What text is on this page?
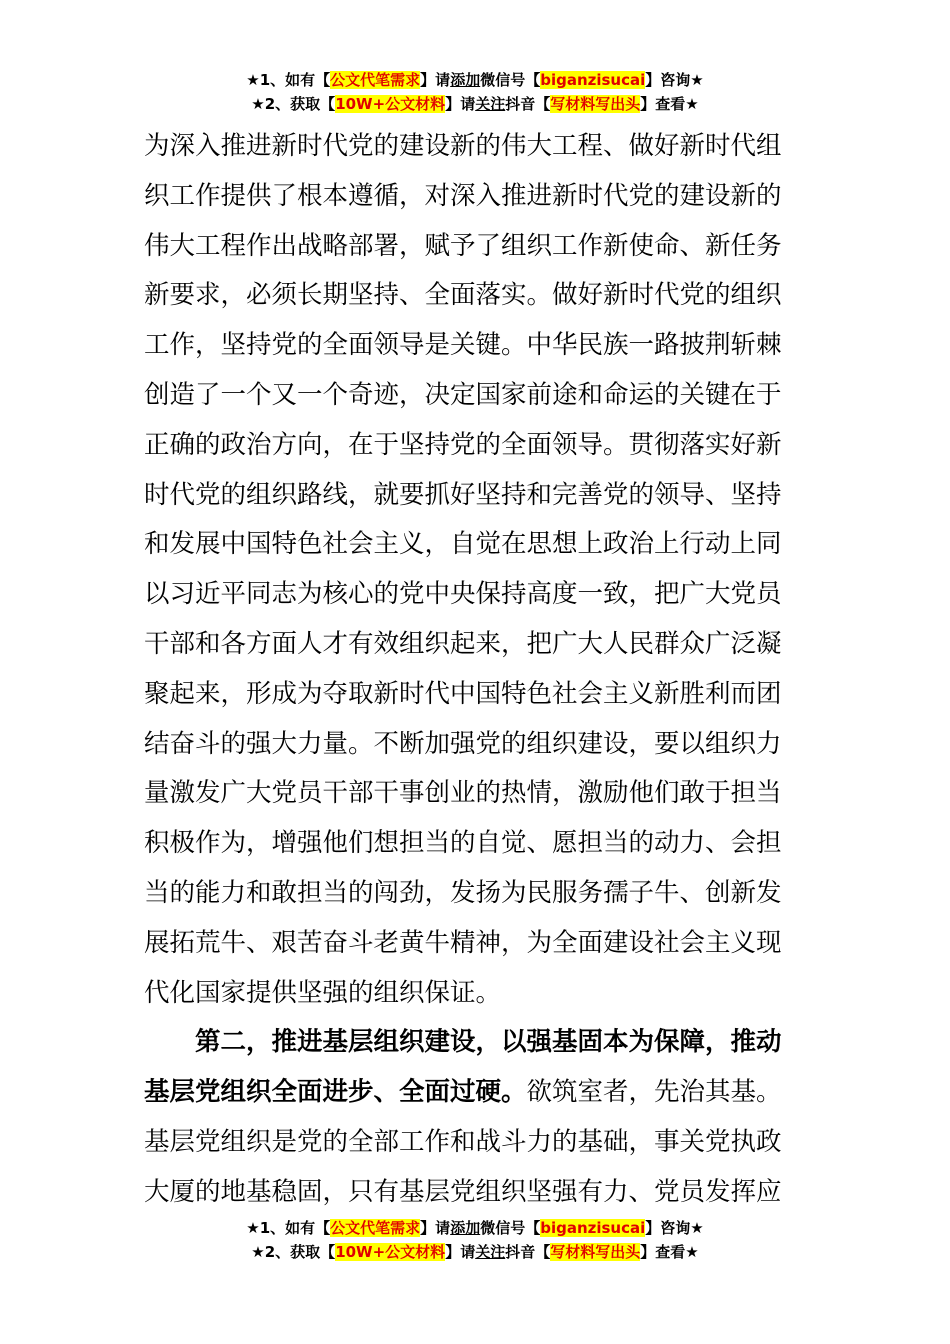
★1、如有【公文代笔需求】请添加微信号【biganzisucai】咨询★
★2、获取【10W+公文材料】请关注抖音【写材料写出头】查看★
为深入推进新时代党的建设新的伟大工程、做好新时代组
织工作提供了根本遵循，对深入推进新时代党的建设新的
伟大工程作出战略部署，赋予了组织工作新使命、新任务
新要求，必须长期坚持、全面落实。做好新时代党的组织
工作，坚持党的全面领导是关键。中华民族一路披荆斩棘
创造了一个又一个奇迹，决定国家前途和命运的关键在于
正确的政治方向，在于坚持党的全面领导。贯彻落实好新
时代党的组织路线，就要抓好坚持和完善党的领导、坚持
和发展中国特色社会主义，自觉在思想上政治上行动上同
以习近平同志为核心的党中央保持高度一致，把广大党员
干部和各方面人才有效组织起来，把广大人民群众广泛凝
聚起来，形成为夺取新时代中国特色社会主义新胜利而团
结奋斗的强大力量。不断加强党的组织建设，要以组织力
量激发广大党员干部干事创业的热情，激励他们敢于担当
积极作为，增强他们想担当的自觉、愿担当的动力、会担
当的能力和敢担当的闯劲，发扬为民服务孺子牛、创新发
展拓荒牛、艰苦奋斗老黄牛精神，为全面建设社会主义现
代化国家提供坚强的组织保证。
　　第二，推进基层组织建设，以强基固本为保障，推动
基层党组织全面进步、全面过硬。欲筑室者，先治其基。
基层党组织是党的全部工作和战斗力的基础，事关党执政
大厦的地基稳固，只有基层党组织坚强有力、党员发挥应
★1、如有【公文代笔需求】请添加微信号【biganzisucai】咨询★
★2、获取【10W+公文材料】请关注抖音【写材料写出头】查看★
